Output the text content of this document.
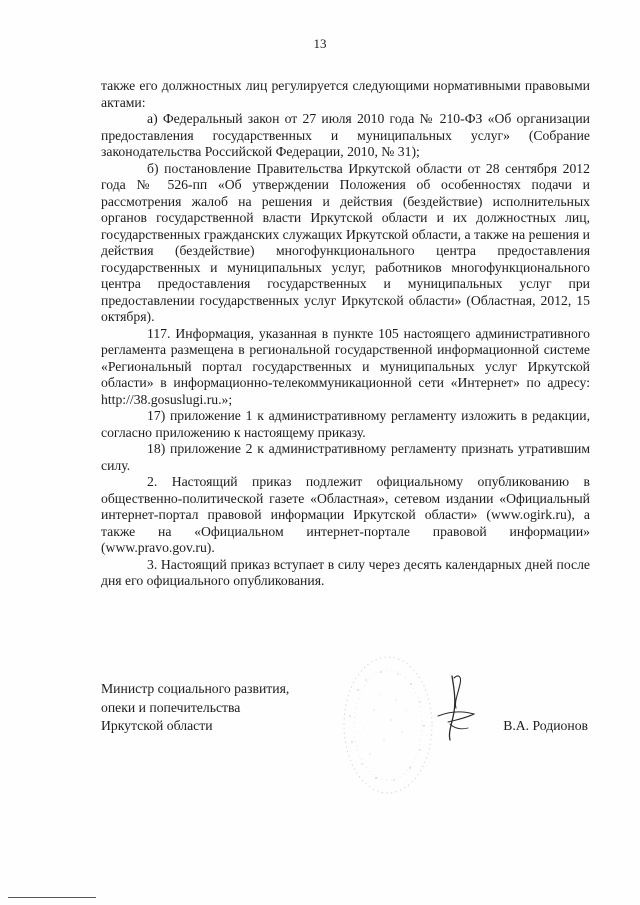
13

также его должностных лиц регулируется следующими нормативными правовыми актами:

а) Федеральный закон от 27 июля 2010 года № 210-ФЗ «Об организации предоставления государственных и муниципальных услуг» (Собрание законодательства Российской Федерации, 2010, № 31);

б) постановление Правительства Иркутской области от 28 сентября 2012 года № 526-пп «Об утверждении Положения об особенностях подачи и рассмотрения жалоб на решения и действия (бездействие) исполнительных органов государственной власти Иркутской области и их должностных лиц, государственных гражданских служащих Иркутской области, а также на решения и действия (бездействие) многофункционального центра предоставления государственных и муниципальных услуг, работников многофункционального центра предоставления государственных и муниципальных услуг при предоставлении государственных услуг Иркутской области» (Областная, 2012, 15 октября).

117. Информация, указанная в пункте 105 настоящего административного регламента размещена в региональной государственной информационной системе «Региональный портал государственных и муниципальных услуг Иркутской области» в информационно-телекоммуникационной сети «Интернет» по адресу: http://38.gosuslugi.ru.»;

17) приложение 1 к административному регламенту изложить в редакции, согласно приложению к настоящему приказу.

18) приложение 2 к административному регламенту признать утратившим силу.

2. Настоящий приказ подлежит официальному опубликованию в общественно-политической газете «Областная», сетевом издании «Официальный интернет-портал правовой информации Иркутской области» (www.ogirk.ru), а также на «Официальном интернет-портале правовой информации» (www.pravo.gov.ru).

3. Настоящий приказ вступает в силу через десять календарных дней после дня его официального опубликования.

Министр социального развития,
опеки и попечительства
Иркутской области	В.А. Родионов
